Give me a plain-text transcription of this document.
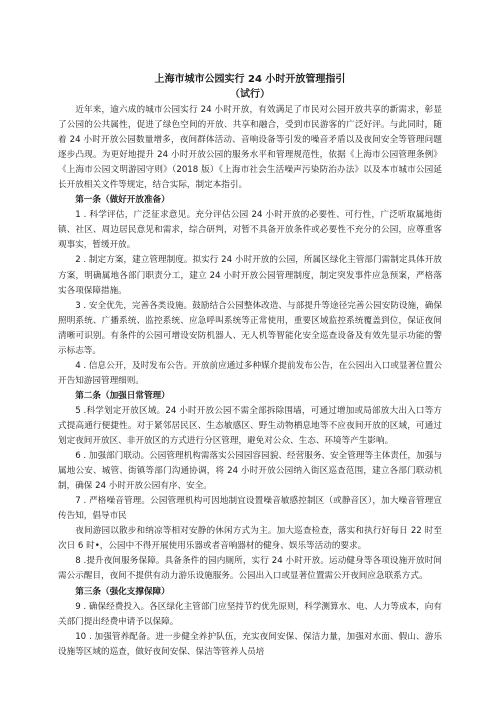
上海市城市公园实行 24 小时开放管理指引

（试行）

近年来，逾六成的城市公园实行 24 小时开放，有效满足了市民对公园开放共享的新需求，彰显了公园的公共属性，促进了绿色空间的开放、共享和融合，受到市民游客的广泛好评。与此同时，随着 24 小时开放公园数量增多，夜间群体活动、音响设备等引发的噪音矛盾以及夜间安全等管理问题逐步凸现。为更好地提升 24 小时开放公园的服务水平和管理规范性，依据《上海市公园管理条例》《上海市公园文明游园守则》（2018 版）《上海市社会生活噪声污染防治办法》以及本市城市公园延长开放相关文件等规定，结合实际，制定本指引。

第一条（做好开放准备）

1 . 科学评估，广泛征求意见。充分评估公园 24 小时开放的必要性、可行性，广泛听取属地街镇、社区、周边居民意见和需求，综合研判，对暂不具备开放条件或必要性不充分的公园，应尊重客观事实，暂缓开放。

2 . 制定方案，建立管理制度。拟实行 24 小时开放的公园，所属区绿化主管部门需制定具体开放方案，明确属地各部门职责分工，建立 24 小时开放公园管理制度，制定突发事件应急预案，严格落实各项保障措施。

3 . 安全优先，完善各类设施。鼓励结合公园整体改造、与部提升等途径完善公园安防设施，确保照明系统、广播系统、监控系统、应急呼叫系统等正常使用，重要区域监控系统覆盖到位，保证夜间清晰可识别。有条件的公园可增设安防机器人、无人机等智能化安全巡查设备及有效先显示功能的警示标志等。

4 . 信息公开，及时发布公告。开放前应通过多种媒介提前发布公告，在公园出入口或显著位置公开告知游园管理细则。

第二条（加强日常管理）

5 .科学划定开放区域。24 小时开放公园不需全部拆除围墙，可通过增加或局部放大出入口等方式提高通行便捷性。对于紧邻居民区、生态敏感区、野生动物栖息地等不应夜间开放的区域，可通过划定夜间开放区、非开放区的方式进行分区管理，避免对公众、生态、环境等产生影响。

6 . 加强部门联动。公园管理机构需落实公园园容园貌、经营服务、安全管理等主体责任，加强与属地公安、城管、街镇等部门沟通协调，将 24 小时开放公园纳入街区巡查范围，建立各部门联动机制，确保 24 小时开放公园有序、安全。

7 . 严格噪音管理。公园管理机构可因地制宜设置噪音敏感控制区（或静音区），加大噪音管理宣传告知，倡导市民

夜间游园以散步和纳凉等相对安静的休闲方式为主。加大巡查检查，落实和执行好每日 22 时至次日 6 时•，公园中不得开展使用乐器或者音响器材的健身、娱乐等活动的要求。

8 .提升夜间服务保障。具备条件的园内厕所，实行 24 小时开放。运动健身等各项设施开放时间需公示醒目，夜间不提供有动力游乐设施服务。公园出入口或显著位置需公开夜间应急联系方式。

第三条（强化支撑保障）

9 . 确保经费投入。各区绿化主管部门应坚持节约优先原则，科学测算水、电、人力等成本，向有关部门提出经费申请予以保障。

10 . 加强管养配备。进一步健全养护队伍，充实夜间安保、保洁力量，加强对水面、假山、游乐设施等区域的巡查，做好夜间安保、保洁等管养人员培
